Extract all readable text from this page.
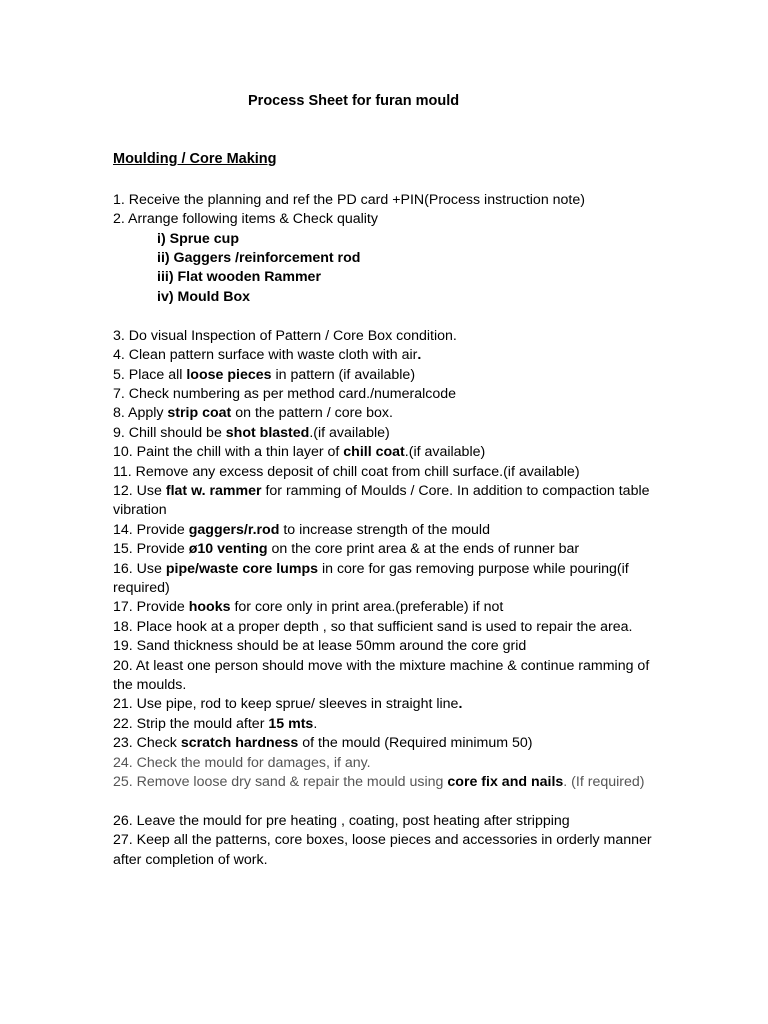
Process Sheet for furan mould
Moulding / Core Making
1. Receive the planning and ref the PD card +PIN(Process instruction note)
2. Arrange following items & Check quality
i) Sprue cup
ii) Gaggers /reinforcement rod
iii) Flat wooden Rammer
iv) Mould Box
3. Do visual Inspection of Pattern / Core Box condition.
4. Clean pattern surface with waste cloth with air.
5. Place all loose pieces in pattern (if available)
7. Check numbering as per method card./numeralcode
8. Apply strip coat on the pattern / core box.
9. Chill should be shot blasted.(if available)
10. Paint the chill with a thin layer of chill coat.(if available)
11. Remove any excess deposit of chill coat from chill surface.(if available)
12. Use flat w. rammer for ramming of Moulds / Core. In addition to compaction table
vibration
14. Provide gaggers/r.rod to increase strength of the mould
15. Provide ø10 venting on the core print area & at the ends of runner bar
16. Use pipe/waste core lumps in core for gas removing purpose while pouring(if
required)
17. Provide hooks for core only in print area.(preferable) if not
18. Place hook at a proper depth , so that sufficient sand is used to repair the area.
19. Sand thickness should be at lease 50mm around the core grid
20. At least one person should move with the mixture machine & continue ramming of
the moulds.
21. Use pipe, rod to keep sprue/ sleeves in straight line.
22. Strip the mould after 15 mts.
23. Check scratch hardness of the mould (Required minimum 50)
24. Check the mould for damages, if any.
25. Remove loose dry sand & repair the mould using core fix and nails. (If required)
26. Leave the mould for pre heating , coating, post heating after stripping
27. Keep all the patterns, core boxes, loose pieces and accessories in orderly manner
after completion of work.
